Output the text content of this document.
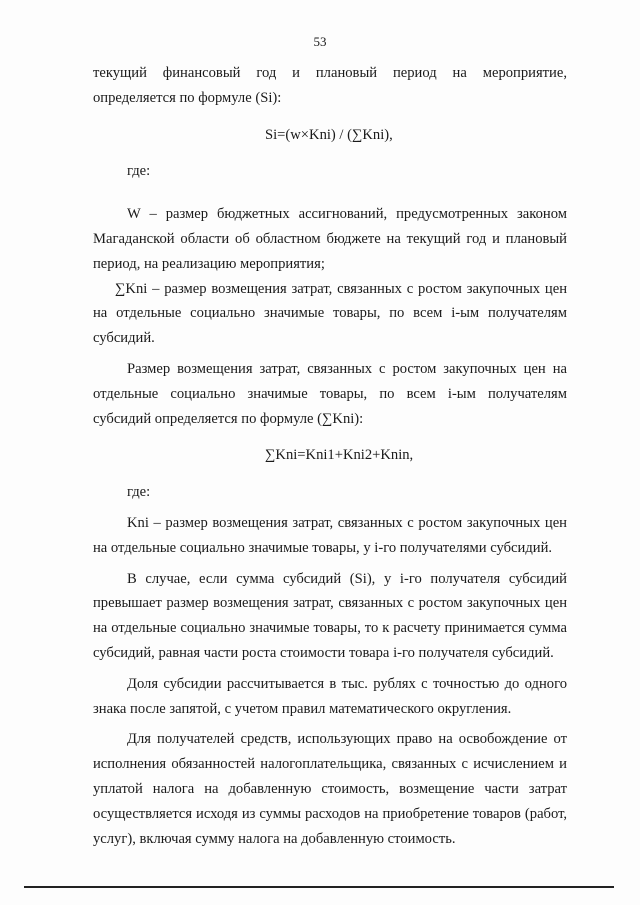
53

текущий финансовый год и плановый период на мероприятие, определяется по формуле (Si):

Si=(w×Kni) / (∑Kni),

где:

W – размер бюджетных ассигнований, предусмотренных законом Магаданской области об областном бюджете на текущий год и плановый период, на реализацию мероприятия;

∑Kni – размер возмещения затрат, связанных с ростом закупочных цен на отдельные социально значимые товары, по всем i-ым получателям субсидий.

Размер возмещения затрат, связанных с ростом закупочных цен на отдельные социально значимые товары, по всем i-ым получателям субсидий определяется по формуле (∑Kni):

∑Kni=Kni1+Kni2+Knin,

где:

Kni – размер возмещения затрат, связанных с ростом закупочных цен на отдельные социально значимые товары, у i-го получателями субсидий.

В случае, если сумма субсидий (Si), у i-го получателя субсидий превышает размер возмещения затрат, связанных с ростом закупочных цен на отдельные социально значимые товары, то к расчету принимается сумма субсидий, равная части роста стоимости товара i-го получателя субсидий.

Доля субсидии рассчитывается в тыс. рублях с точностью до одного знака после запятой, с учетом правил математического округления.

Для получателей средств, использующих право на освобождение от исполнения обязанностей налогоплательщика, связанных с исчислением и уплатой налога на добавленную стоимость, возмещение части затрат осуществляется исходя из суммы расходов на приобретение товаров (работ, услуг), включая сумму налога на добавленную стоимость.
